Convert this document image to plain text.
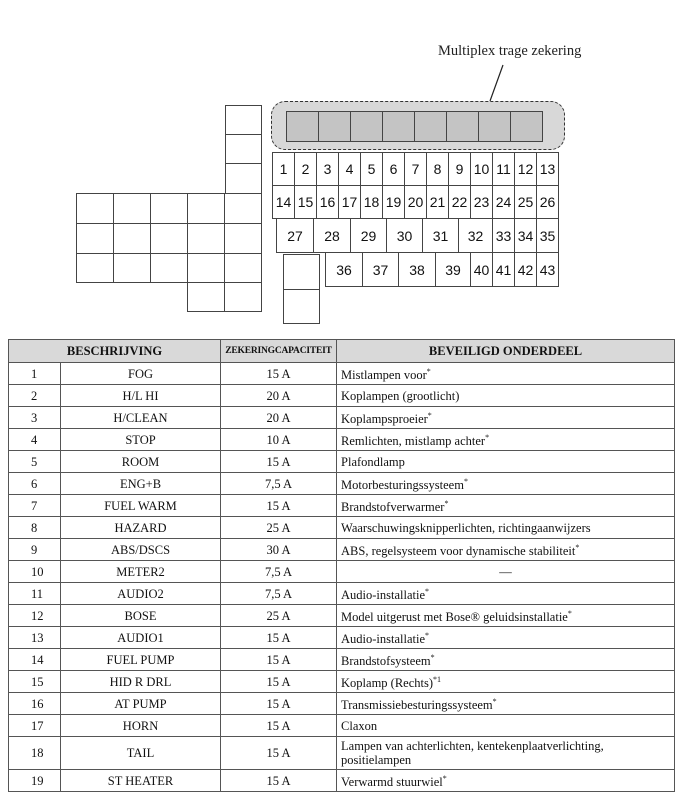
Multiplex trage zekering
1	2	3	4	5	6	7	8	9 10 11 12 13
14 15 16 17 18 19 20 21 22 23 24 25 26
27	28	29	30	31	32 33 34 35
36	37	38	39 40 41 42 43
BESCHRIJVING		ZEKERINGCAPACITEIT	BEVEILIGD ONDERDEEL
1	FOG	15 A	Mistlampen voor*
2	H/L HI	20 A	Koplampen (grootlicht)
3	H/CLEAN	20 A	Koplampsproeier*
4	STOP	10 A	Remlichten, mistlamp achter*
5	ROOM	15 A	Plafondlamp
6	ENG+B	7,5 A	Motorbesturingssysteem*
7	FUEL WARM	15 A	Brandstofverwarmer*
8	HAZARD	25 A	Waarschuwingsknipperlichten, richtingaanwijzers
9	ABS/DSCS	30 A	ABS, regelsysteem voor dynamische stabiliteit*
10	METER2	7,5 A	—
11	AUDIO2	7,5 A	Audio-installatie*
12	BOSE	25 A	Model uitgerust met Bose® geluidsinstallatie*
13	AUDIO1	15 A	Audio-installatie*
14	FUEL PUMP	15 A	Brandstofsysteem*
15	HID R DRL	15 A	Koplamp (Rechts)$^{*1}$
16	AT PUMP	15 A	Transmissiebesturingssysteem*
17	HORN	15 A	Claxon
18	TAIL	15 A	Lampen van achterlichten, kentekenplaatverlichting, positielampen
19	ST HEATER	15 A	Verwarmd stuurwiel*
